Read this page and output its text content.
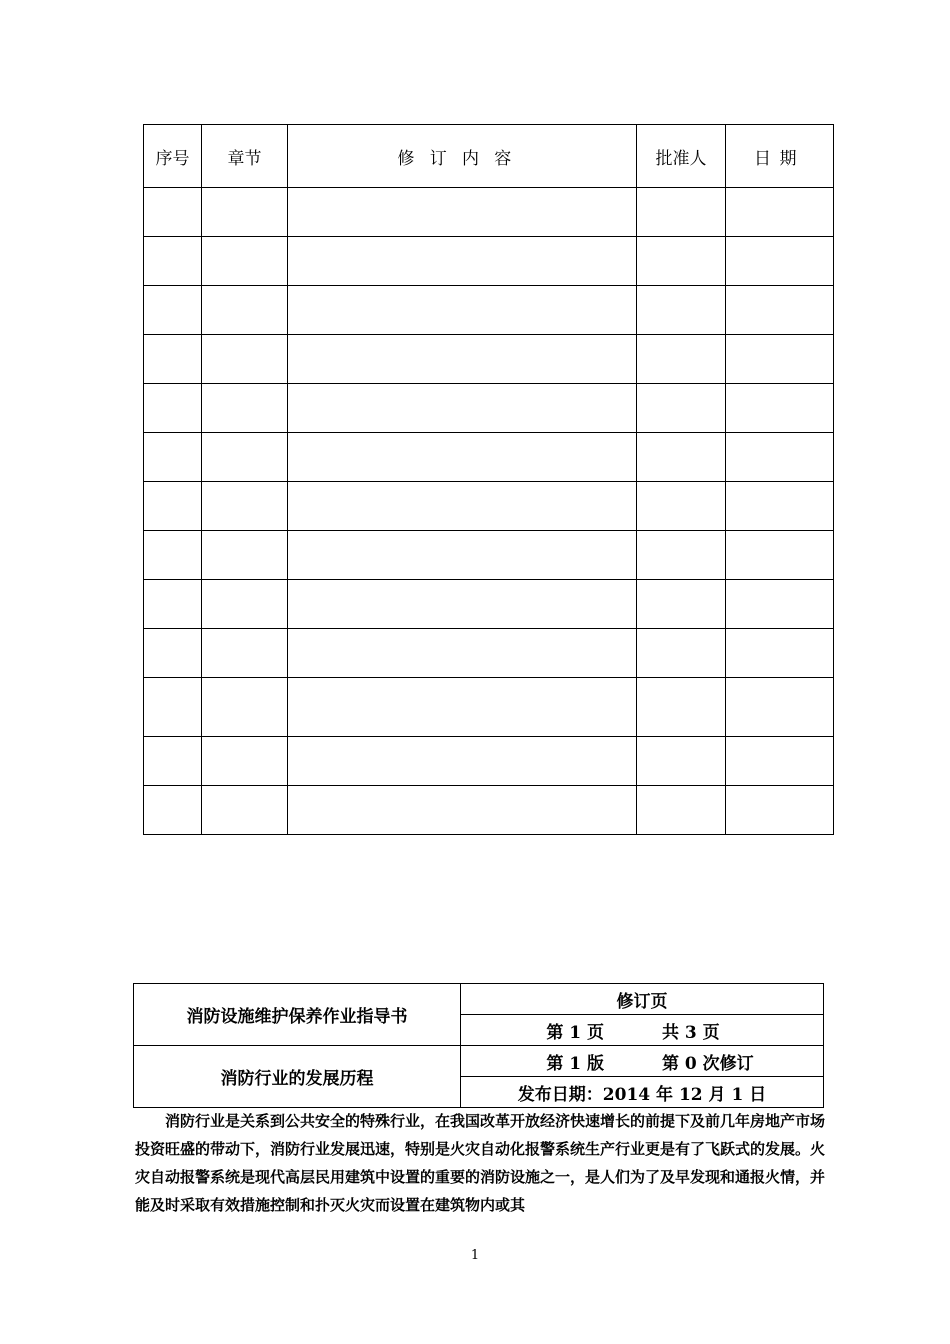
序号	章节	修订内容	批准人	日期

消防设施维护保养作业指导书	修订页

	第 1 页 共 3 页

消防行业的发展历程	第 1 版 第 0 次修订

	发布日期：2014 年 12 月 1 日

消防行业是关系到公共安全的特殊行业，在我国改革开放经济快速增长的前提下及前几年房地产市场投资旺盛的带动下，消防行业发展迅速，特别是火灾自动化报警系统生产行业更是有了飞跃式的发展。火灾自动报警系统是现代高层民用建筑中设置的重要的消防设施之一，是人们为了及早发现和通报火情，并能及时采取有效措施控制和扑灭火灾而设置在建筑物内或其

1
